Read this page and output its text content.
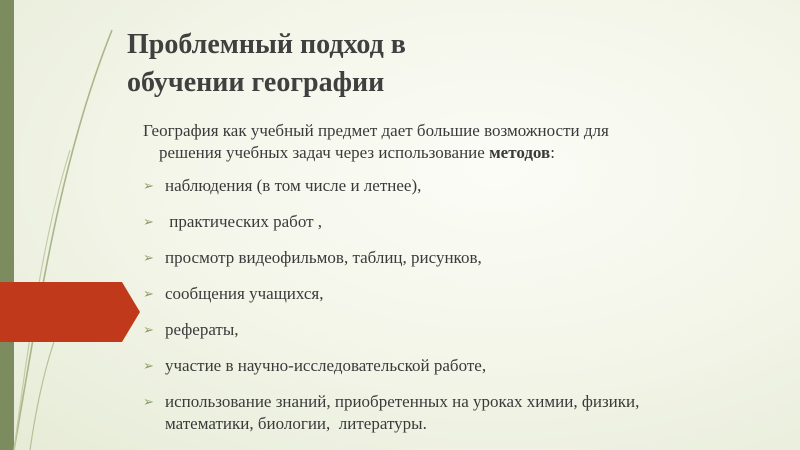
Проблемный подход в
обучении географии

География как учебный предмет дает большие возможности для

решения учебных задач через использование методов:

➢ наблюдения (в том числе и летнее),
➢ практических работ ,
➢ просмотр видеофильмов, таблиц, рисунков,
➢ сообщения учащихся,
➢ рефераты,
➢ участие в научно-исследовательской работе,
➢ использование знаний, приобретенных на уроках химии, физики,
математики, биологии,  литературы.
